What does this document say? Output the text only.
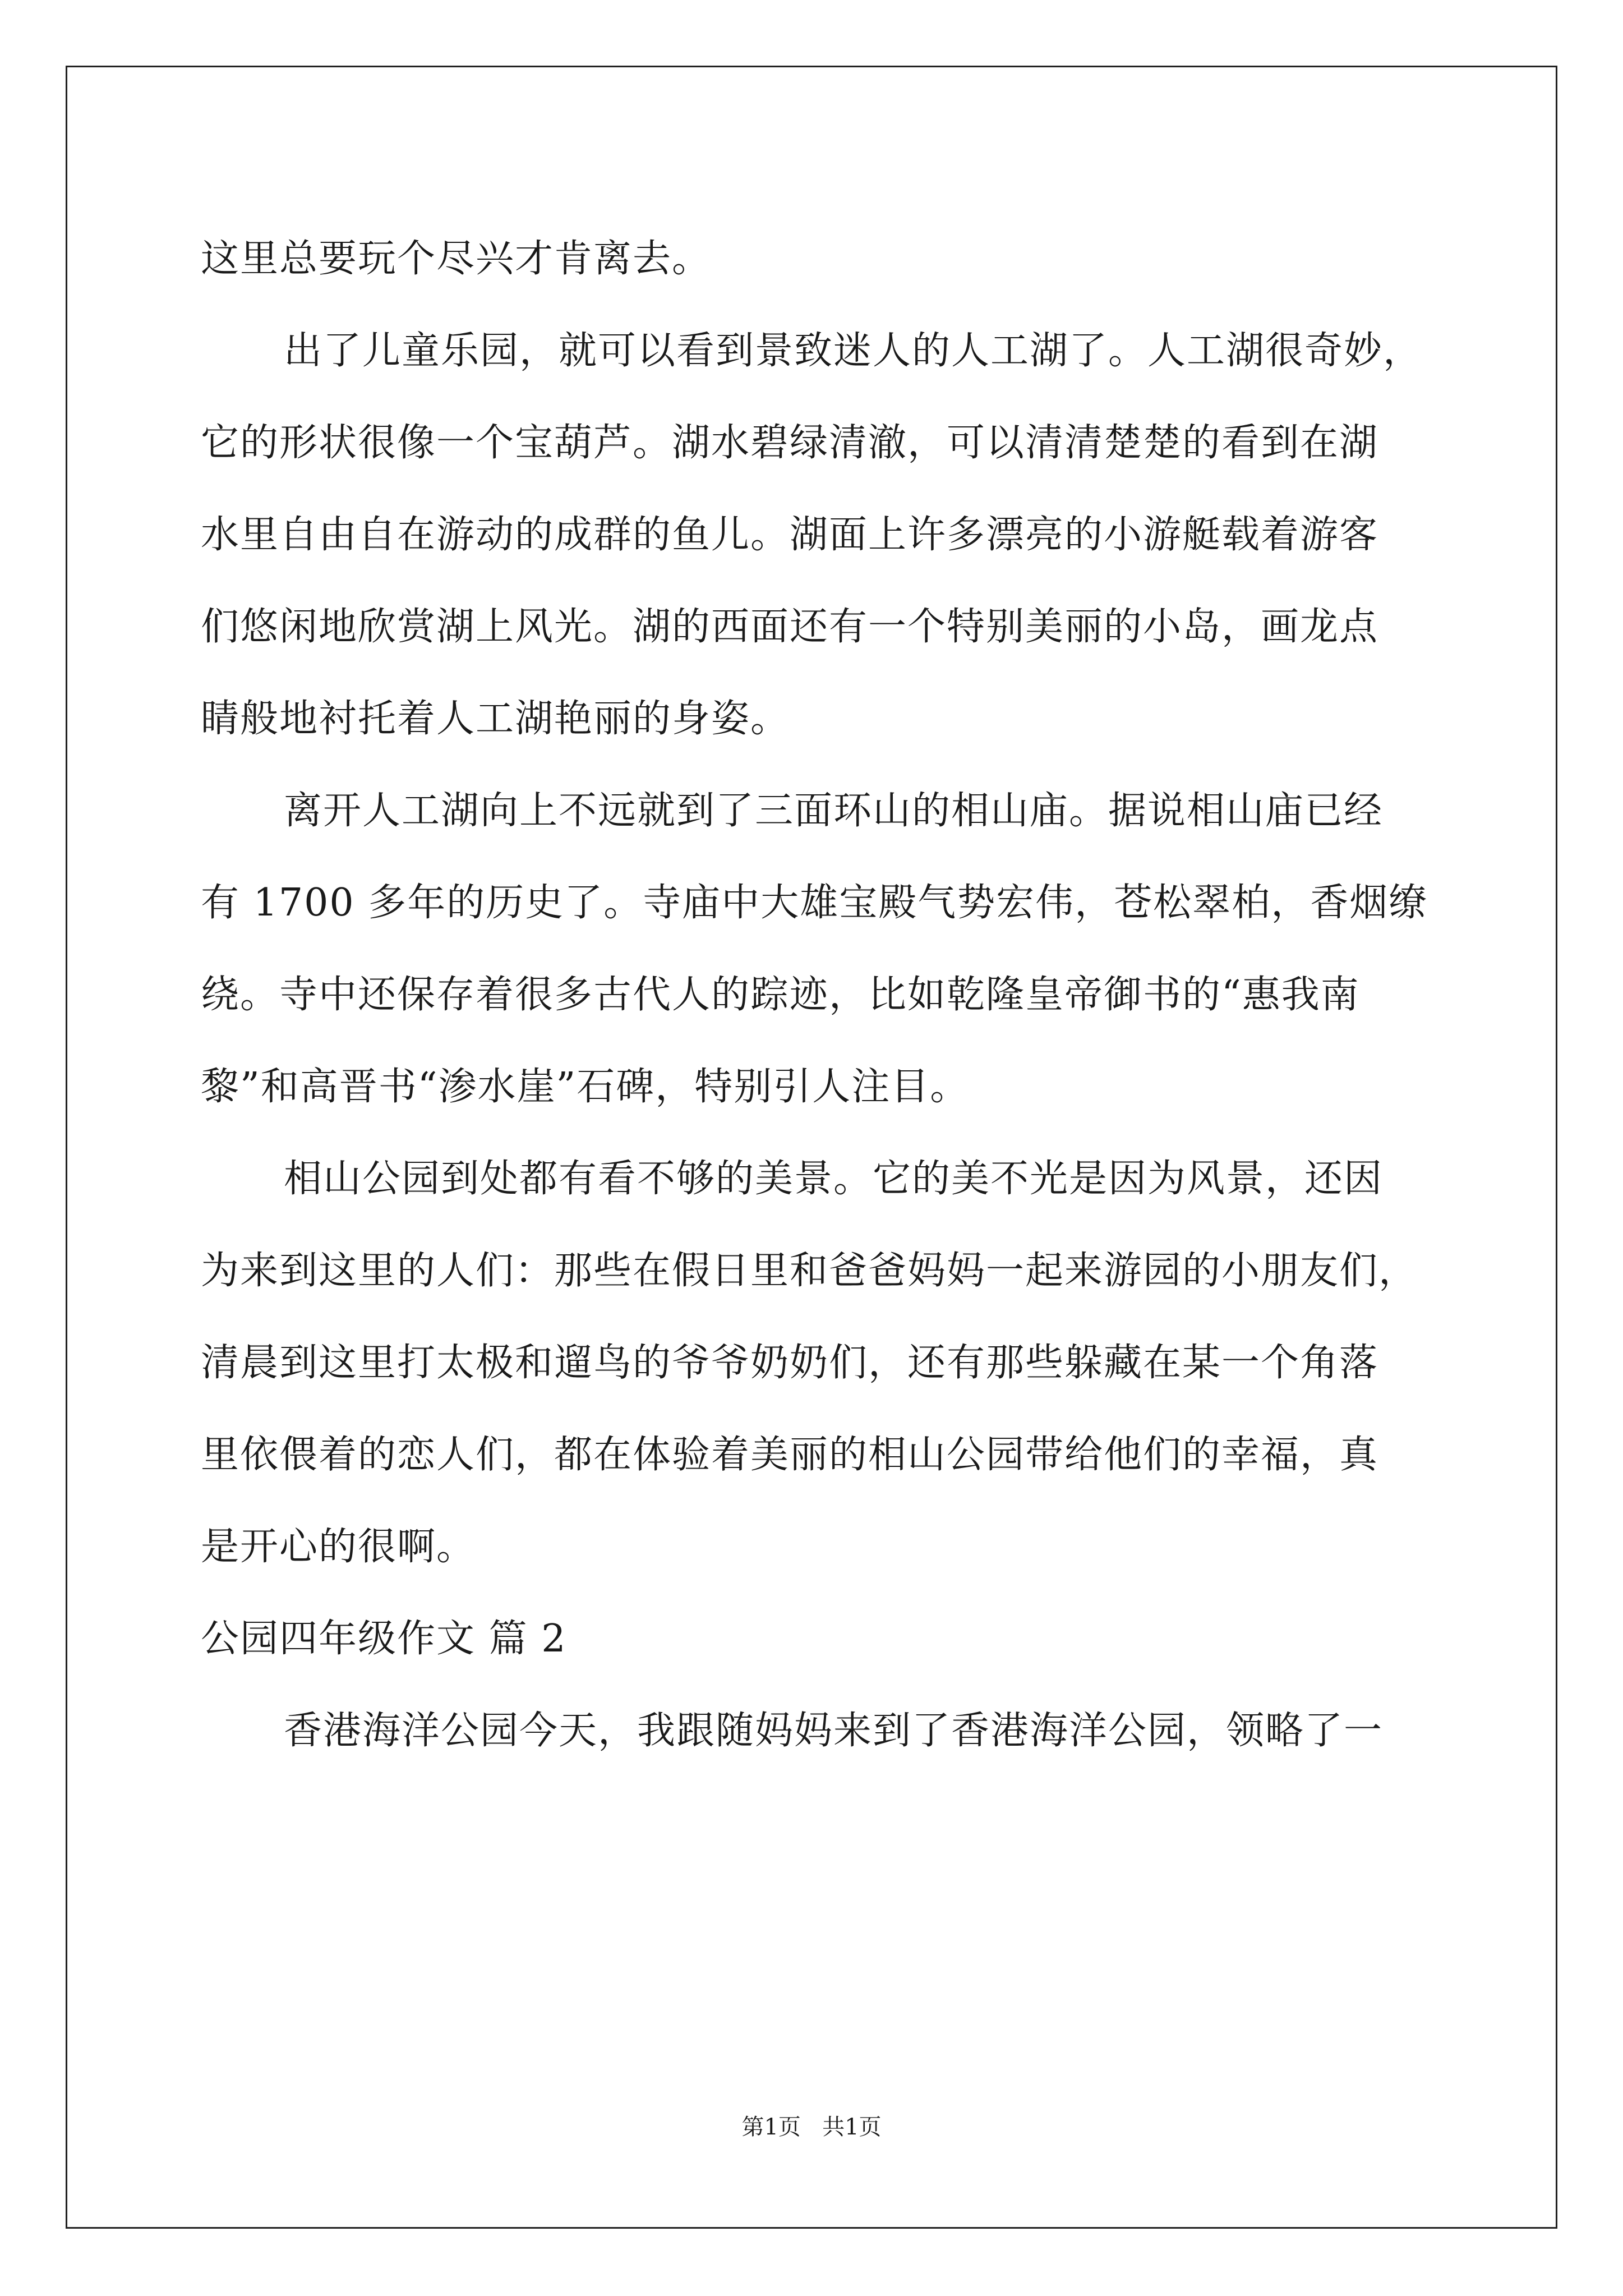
这里总要玩个尽兴才肯离去。
出了儿童乐园，就可以看到景致迷人的人工湖了。人工湖很奇妙，
它的形状很像一个宝葫芦。湖水碧绿清澈，可以清清楚楚的看到在湖
水里自由自在游动的成群的鱼儿。湖面上许多漂亮的小游艇载着游客
们悠闲地欣赏湖上风光。湖的西面还有一个特别美丽的小岛，画龙点
睛般地衬托着人工湖艳丽的身姿。
离开人工湖向上不远就到了三面环山的相山庙。据说相山庙已经
有 1700 多年的历史了。寺庙中大雄宝殿气势宏伟，苍松翠柏，香烟缭
绕。寺中还保存着很多古代人的踪迹，比如乾隆皇帝御书的“惠我南
黎”和高晋书“渗水崖”石碑，特别引人注目。
相山公园到处都有看不够的美景。它的美不光是因为风景，还因
为来到这里的人们：那些在假日里和爸爸妈妈一起来游园的小朋友们，
清晨到这里打太极和遛鸟的爷爷奶奶们，还有那些躲藏在某一个角落
里依偎着的恋人们，都在体验着美丽的相山公园带给他们的幸福，真
是开心的很啊。
公园四年级作文 篇 2
香港海洋公园今天，我跟随妈妈来到了香港海洋公园，领略了一
第1页 共1页
